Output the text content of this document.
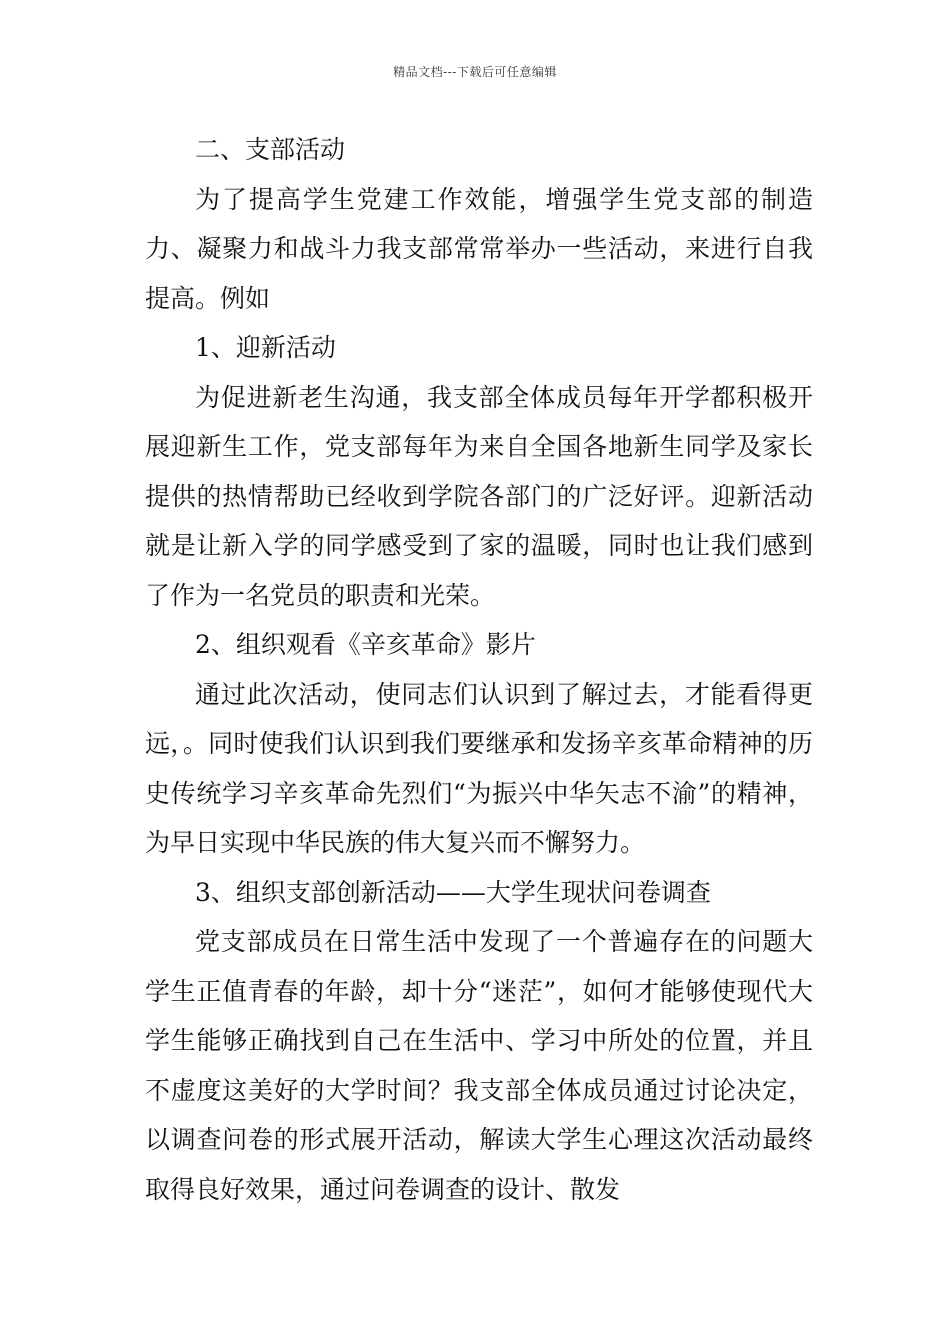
精品文档---下载后可任意编辑

二、支部活动

为了提高学生党建工作效能，增强学生党支部的制造力、凝聚力和战斗力我支部常常举办一些活动，来进行自我提高。例如

1、迎新活动

为促进新老生沟通，我支部全体成员每年开学都积极开展迎新生工作，党支部每年为来自全国各地新生同学及家长提供的热情帮助已经收到学院各部门的广泛好评。迎新活动就是让新入学的同学感受到了家的温暖，同时也让我们感到了作为一名党员的职责和光荣。

2、组织观看《辛亥革命》影片

通过此次活动，使同志们认识到了解过去，才能看得更远，。同时使我们认识到我们要继承和发扬辛亥革命精神的历史传统学习辛亥革命先烈们“为振兴中华矢志不渝”的精神，为早日实现中华民族的伟大复兴而不懈努力。

3、组织支部创新活动——大学生现状问卷调查

党支部成员在日常生活中发现了一个普遍存在的问题大学生正值青春的年龄，却十分“迷茫”，如何才能够使现代大学生能够正确找到自己在生活中、学习中所处的位置，并且不虚度这美好的大学时间？我支部全体成员通过讨论决定，以调查问卷的形式展开活动，解读大学生心理这次活动最终取得良好效果，通过问卷调查的设计、散发
